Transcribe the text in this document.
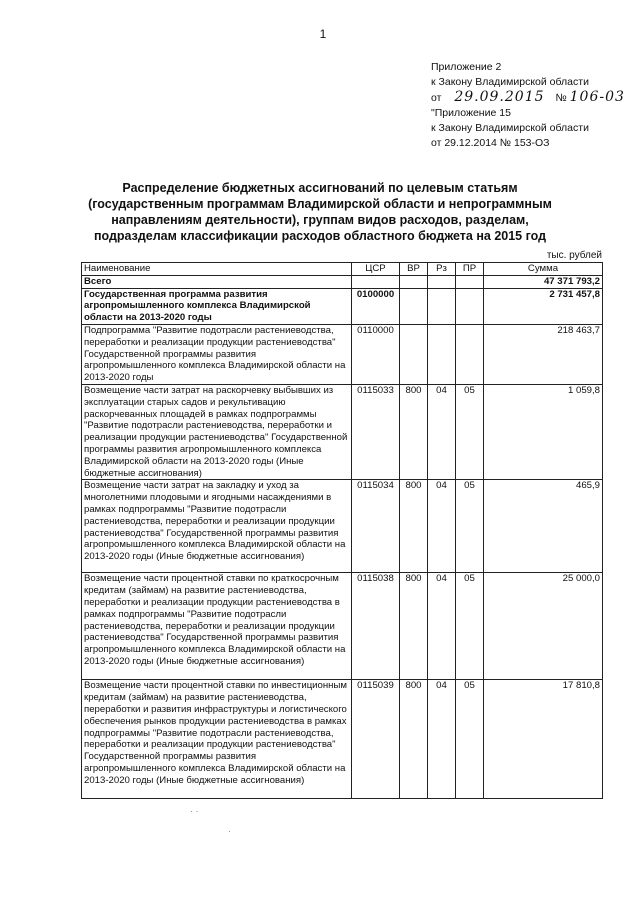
1
Приложение 2
к Закону Владимирской области
от 29.09.2015 № 106-03
"Приложение 15
к Закону Владимирской области
от 29.12.2014 № 153-ОЗ
Распределение бюджетных ассигнований по целевым статьям (государственным программам Владимирской области и непрограммным направлениям деятельности), группам видов расходов, разделам, подразделам классификации расходов областного бюджета на 2015 год
тыс. рублей
Наименование	ЦСР	ВР	Рз	ПР	Сумма
Всего					47 371 793,2
Государственная программа развития агропромышленного комплекса Владимирской области на 2013-2020 годы	0100000				2 731 457,8
Подпрограмма "Развитие подотрасли растениеводства, переработки и реализации продукции растениеводства" Государственной программы развития агропромышленного комплекса Владимирской области на 2013-2020 годы	0110000				218 463,7
Возмещение части затрат на раскорчевку выбывших из эксплуатации старых садов и рекультивацию раскорчеванных площадей в рамках подпрограммы "Развитие подотрасли растениеводства, переработки и реализации продукции растениеводства" Государственной программы развития агропромышленного комплекса Владимирской области на 2013-2020 годы (Иные бюджетные ассигнования)	0115033	800	04	05	1 059,8
Возмещение части затрат на закладку и уход за многолетними плодовыми и ягодными насаждениями в рамках подпрограммы "Развитие подотрасли растениеводства, переработки и реализации продукции растениеводства" Государственной программы развития агропромышленного комплекса Владимирской области на 2013-2020 годы (Иные бюджетные ассигнования)	0115034	800	04	05	465,9
Возмещение части процентной ставки по краткосрочным кредитам (займам) на развитие растениеводства, переработки и реализации продукции растениеводства в рамках подпрограммы "Развитие подотрасли растениеводства, переработки и реализации продукции растениеводства" Государственной программы развития агропромышленного комплекса Владимирской области на 2013-2020 годы (Иные бюджетные ассигнования)	0115038	800	04	05	25 000,0
Возмещение части процентной ставки по инвестиционным кредитам (займам) на развитие растениеводства, переработки и развития инфраструктуры и логистического обеспечения рынков продукции растениеводства в рамках подпрограммы "Развитие подотрасли растениеводства, переработки и реализации продукции растениеводства" Государственной программы развития агропромышленного комплекса Владимирской области на 2013-2020 годы (Иные бюджетные ассигнования)	0115039	800	04	05	17 810,8
· ·
·
